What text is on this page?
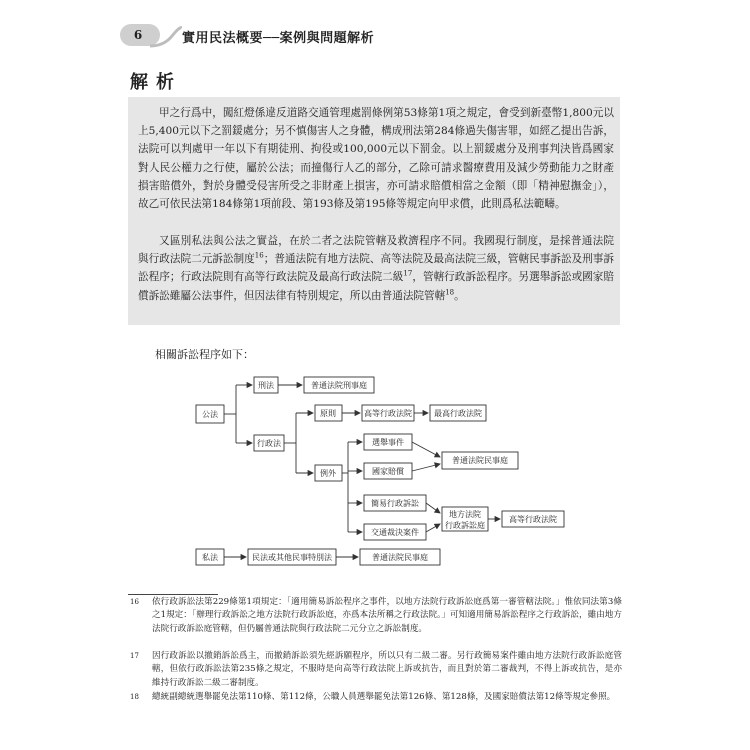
6	實用民法概要──案例與問題解析
解析

甲之行爲中，闖紅燈係違反道路交通管理處罰條例第53條第1項之規定，會受到新臺幣1,800元以上5,400元以下之罰鍰處分；另不慎傷害人之身體，構成刑法第284條過失傷害罪，如經乙提出告訴，法院可以判處甲一年以下有期徒刑、拘役或100,000元以下罰金。以上罰鍰處分及刑事判決皆爲國家對人民公權力之行使，屬於公法；而撞傷行人乙的部分，乙除可請求醫療費用及減少勞動能力之財產損害賠償外，對於身體受侵害所受之非財產上損害，亦可請求賠償相當之金額（即「精神慰撫金」），故乙可依民法第184條第1項前段、第193條及第195條等規定向甲求償，此則爲私法範疇。

又區別私法與公法之實益，在於二者之法院管轄及救濟程序不同。我國現行制度，是採普通法院與行政法院二元訴訟制度$^{16}$；普通法院有地方法院、高等法院及最高法院三級，管轄民事訴訟及刑事訴訟程序；行政法院則有高等行政法院及最高行政法院二級$^{17}$，管轄行政訴訟程序。另選舉訴訟或國家賠償訴訟雖屬公法事件，但因法律有特別規定，所以由普通法院管轄$^{18}$。

相關訴訟程序如下：
公法
刑法	普通法院刑事庭
行政法
原則	高等行政法院	最高行政法院
例外
選舉事件
國家賠償
普通法院民事庭
簡易行政訴訟
交通裁決案件
地方法院
行政訴訟庭
高等行政法院
私法	民法或其他民事特別法	普通法院民事庭
16 依行政訴訟法第229條第1項規定：「適用簡易訴訟程序之事件，以地方法院行政訴訟庭爲第一審管轄法院。」惟依同法第3條之1規定：「辦理行政訴訟之地方法院行政訴訟庭，亦爲本法所稱之行政法院。」可知適用簡易訴訟程序之行政訴訟，雖由地方法院行政訴訟庭管轄，但仍屬普通法院與行政法院二元分立之訴訟制度。

17 因行政訴訟以撤銷訴訟爲主，而撤銷訴訟須先經訴願程序，所以只有二級二審。另行政簡易案件雖由地方法院行政訴訟庭管轄，但依行政訴訟法第235條之規定，不服時是向高等行政法院上訴或抗告，而且對於第二審裁判，不得上訴或抗告，是亦維持行政訴訟二級二審制度。

18 總統副總統選舉罷免法第110條、第112條，公職人員選舉罷免法第126條、第128條，及國家賠償法第12條等規定參照。
